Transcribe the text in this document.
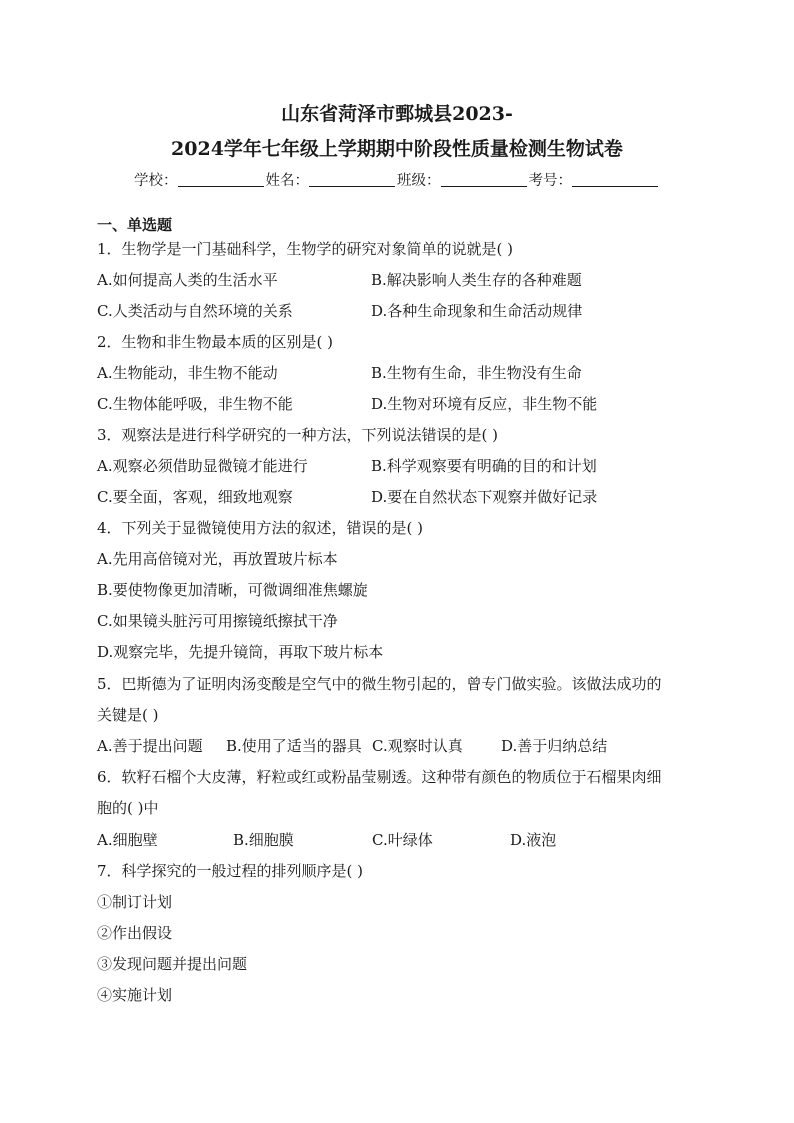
山东省菏泽市鄄城县2023-
2024学年七年级上学期期中阶段性质量检测生物试卷
学校：	姓名：	班级：	考号：
一、单选题
1．生物学是一门基础科学，生物学的研究对象简单的说就是( )
A.如何提高人类的生活水平	B.解决影响人类生存的各种难题
C.人类活动与自然环境的关系	D.各种生命现象和生命活动规律
2．生物和非生物最本质的区别是( )
A.生物能动，非生物不能动	B.生物有生命，非生物没有生命
C.生物体能呼吸，非生物不能	D.生物对环境有反应，非生物不能
3．观察法是进行科学研究的一种方法，下列说法错误的是( )
A.观察必须借助显微镜才能进行	B.科学观察要有明确的目的和计划
C.要全面，客观，细致地观察	D.要在自然状态下观察并做好记录
4．下列关于显微镜使用方法的叙述，错误的是( )
A.先用高倍镜对光，再放置玻片标本
B.要使物像更加清晰，可微调细准焦螺旋
C.如果镜头脏污可用擦镜纸擦拭干净
D.观察完毕，先提升镜筒，再取下玻片标本
5．巴斯德为了证明肉汤变酸是空气中的微生物引起的，曾专门做实验。该做法成功的
关键是( )
A.善于提出问题 B.使用了适当的器具 C.观察时认真	D.善于归纳总结
6．软籽石榴个大皮薄，籽粒或红或粉晶莹剔透。这种带有颜色的物质位于石榴果肉细
胞的( )中
A.细胞壁	B.细胞膜	C.叶绿体	D.液泡
7．科学探究的一般过程的排列顺序是( )
①制订计划
②作出假设
③发现问题并提出问题
④实施计划
